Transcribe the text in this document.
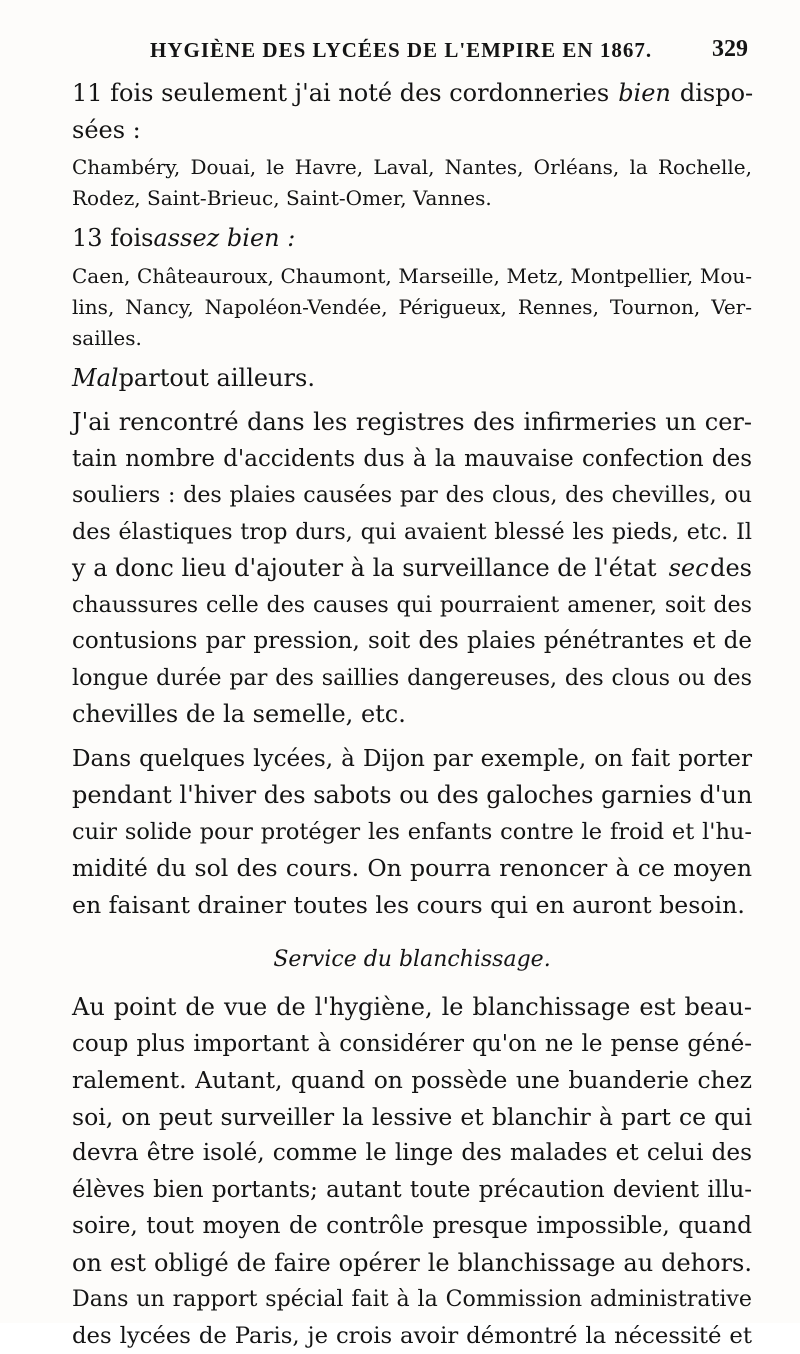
HYGIÈNE DES LYCÉES DE L'EMPIRE EN 1867. 329
11 fois seulement j'ai noté des cordonneries bien dispo-
sées :
Chambéry, Douai, le Havre, Laval, Nantes, Orléans, la Rochelle,
Rodez, Saint-Brieuc, Saint-Omer, Vannes.
13 fois assez bien :
Caen, Châteauroux, Chaumont, Marseille, Metz, Montpellier, Mou-
lins, Nancy, Napoléon-Vendée, Périgueux, Rennes, Tournon, Ver-
sailles.
Mal partout ailleurs.
J'ai rencontré dans les registres des infirmeries un cer-
tain nombre d'accidents dus à la mauvaise confection des
souliers : des plaies causées par des clous, des chevilles, ou
des élastiques trop durs, qui avaient blessé les pieds, etc. Il
y a donc lieu d'ajouter à la surveillance de l'état sec des
chaussures celle des causes qui pourraient amener, soit des
contusions par pression, soit des plaies pénétrantes et de
longue durée par des saillies dangereuses, des clous ou des
chevilles de la semelle, etc.
Dans quelques lycées, à Dijon par exemple, on fait porter
pendant l'hiver des sabots ou des galoches garnies d'un
cuir solide pour protéger les enfants contre le froid et l'hu-
midité du sol des cours. On pourra renoncer à ce moyen
en faisant drainer toutes les cours qui en auront besoin.
Service du blanchissage.
Au point de vue de l'hygiène, le blanchissage est beau-
coup plus important à considérer qu'on ne le pense géné-
ralement. Autant, quand on possède une buanderie chez
soi, on peut surveiller la lessive et blanchir à part ce qui
devra être isolé, comme le linge des malades et celui des
élèves bien portants; autant toute précaution devient illu-
soire, tout moyen de contrôle presque impossible, quand
on est obligé de faire opérer le blanchissage au dehors.
Dans un rapport spécial fait à la Commission administrative
des lycées de Paris, je crois avoir démontré la nécessité et
